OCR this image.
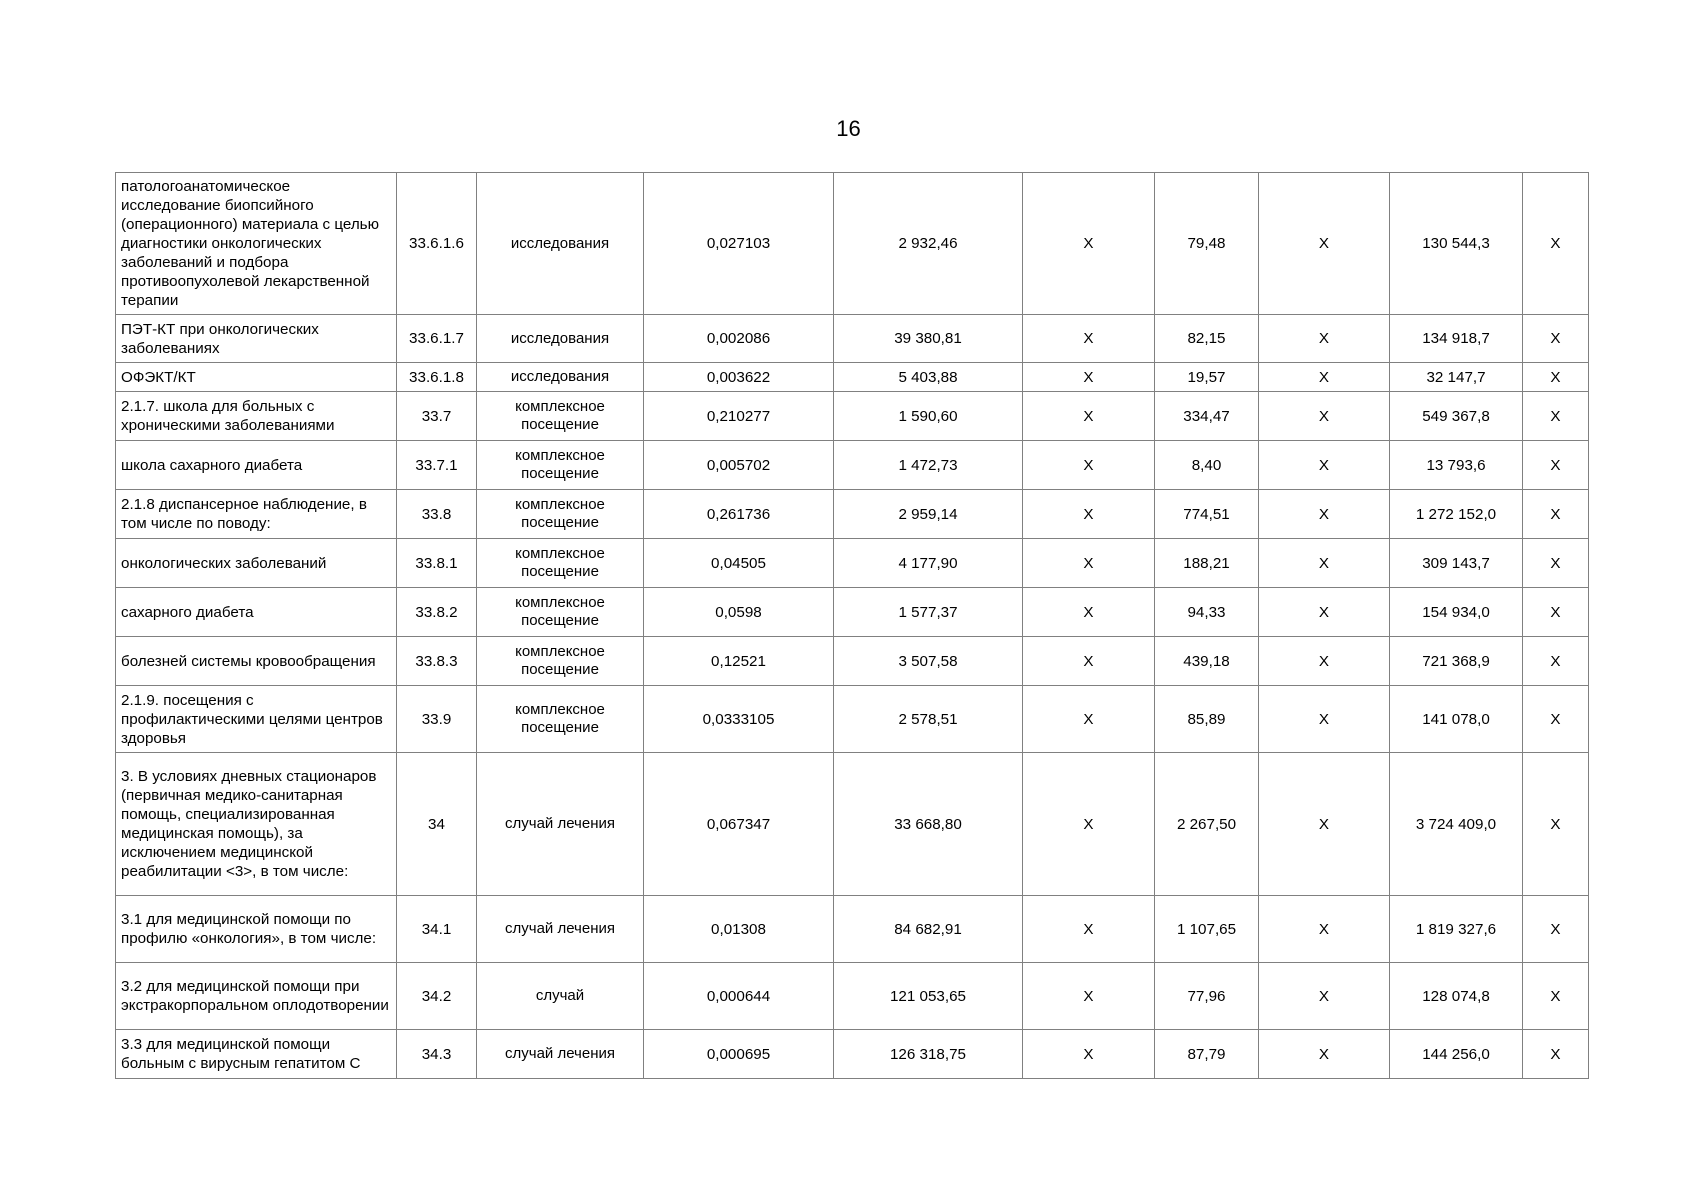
16
патологоанатомическое исследование биопсийного (операционного) материала с целью диагностики онкологических заболеваний и подбора противоопухолевой лекарственной терапии	33.6.1.6	исследования	0,027103	2 932,46	X	79,48	X	130 544,3	X
ПЭТ-КТ при онкологических заболеваниях	33.6.1.7	исследования	0,002086	39 380,81	X	82,15	X	134 918,7	X
ОФЭКТ/КТ	33.6.1.8	исследования	0,003622	5 403,88	X	19,57	X	32 147,7	X
2.1.7. школа для больных с хроническими заболеваниями	33.7	комплексное посещение	0,210277	1 590,60	X	334,47	X	549 367,8	X
школа сахарного диабета	33.7.1	комплексное посещение	0,005702	1 472,73	X	8,40	X	13 793,6	X
2.1.8 диспансерное наблюдение, в том числе по поводу:	33.8	комплексное посещение	0,261736	2 959,14	X	774,51	X	1 272 152,0	X
онкологических заболеваний	33.8.1	комплексное посещение	0,04505	4 177,90	X	188,21	X	309 143,7	X
сахарного диабета	33.8.2	комплексное посещение	0,0598	1 577,37	X	94,33	X	154 934,0	X
болезней системы кровообращения	33.8.3	комплексное посещение	0,12521	3 507,58	X	439,18	X	721 368,9	X
2.1.9. посещения с профилактическими целями центров здоровья	33.9	комплексное посещение	0,0333105	2 578,51	X	85,89	X	141 078,0	X
3. В условиях дневных стационаров (первичная медико-санитарная помощь, специализированная медицинская помощь), за исключением медицинской реабилитации <3>, в том числе:	34	случай лечения	0,067347	33 668,80	X	2 267,50	X	3 724 409,0	X
3.1 для медицинской помощи по профилю «онкология», в том числе:	34.1	случай лечения	0,01308	84 682,91	X	1 107,65	X	1 819 327,6	X
3.2 для медицинской помощи при экстракорпоральном оплодотворении	34.2	случай	0,000644	121 053,65	X	77,96	X	128 074,8	X
3.3 для медицинской помощи больным с вирусным гепатитом С	34.3	случай лечения	0,000695	126 318,75	X	87,79	X	144 256,0	X
